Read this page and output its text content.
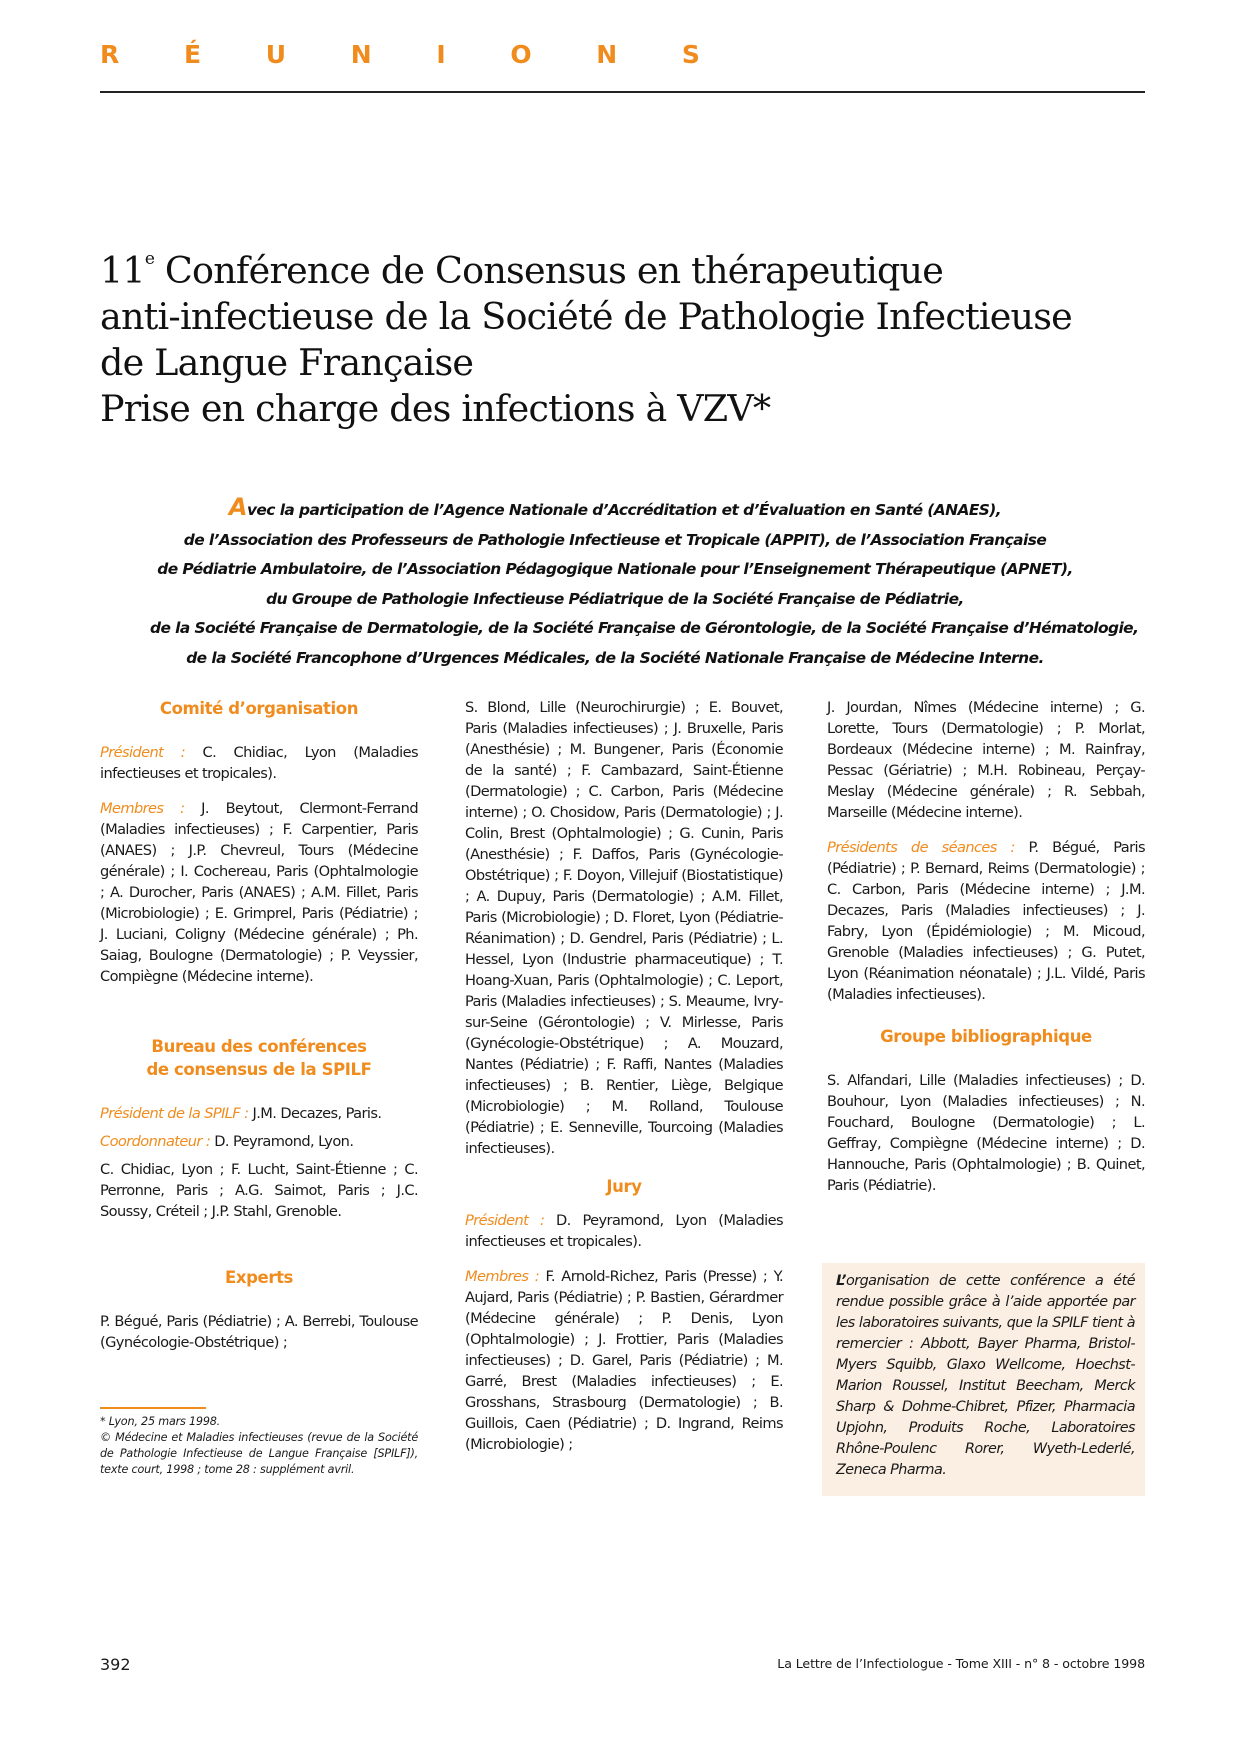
R	É	U	N	I	O	N	S
11e Conférence de Consensus en thérapeutique
anti-infectieuse de la Société de Pathologie Infectieuse
de Langue Française
Prise en charge des infections à VZV*
Avec la participation de l’Agence Nationale d’Accréditation et d’Évaluation en Santé (ANAES),
de l’Association des Professeurs de Pathologie Infectieuse et Tropicale (APPIT), de l’Association Française
de Pédiatrie Ambulatoire, de l’Association Pédagogique Nationale pour l’Enseignement Thérapeutique (APNET),
du Groupe de Pathologie Infectieuse Pédiatrique de la Société Française de Pédiatrie,
de la Société Française de Dermatologie, de la Société Française de Gérontologie, de la Société Française d’Hématologie,
de la Société Francophone d’Urgences Médicales, de la Société Nationale Française de Médecine Interne.
Comité d’organisation

Président : C. Chidiac, Lyon (Maladies infectieuses et tropicales).

Membres : J. Beytout, Clermont-Ferrand (Maladies infectieuses) ; F. Carpentier, Paris (ANAES) ; J.P. Chevreul, Tours (Médecine générale) ; I. Cochereau, Paris (Ophtalmologie ; A. Durocher, Paris (ANAES) ; A.M. Fillet, Paris (Microbiologie) ; E. Grimprel, Paris (Pédiatrie) ; J. Luciani, Coligny (Médecine générale) ; Ph. Saiag, Boulogne (Dermatologie) ; P. Veyssier, Compiègne (Médecine interne).

Bureau des conférences
de consensus de la SPILF

Président de la SPILF : J.M. Decazes, Paris.

Coordonnateur : D. Peyramond, Lyon.

C. Chidiac, Lyon ; F. Lucht, Saint-Étienne ; C. Perronne, Paris ; A.G. Saimot, Paris ; J.C. Soussy, Créteil ; J.P. Stahl, Grenoble.

Experts

P. Bégué, Paris (Pédiatrie) ; A. Berrebi, Toulouse (Gynécologie-Obstétrique) ;

* Lyon, 25 mars 1998.

© Médecine et Maladies infectieuses (revue de la Société de Pathologie Infectieuse de Langue Française [SPILF]), texte court, 1998 ; tome 28 : supplément avril.

S. Blond, Lille (Neurochirurgie) ; E. Bouvet, Paris (Maladies infectieuses) ; J. Bruxelle, Paris (Anesthésie) ; M. Bungener, Paris (Économie de la santé) ; F. Cambazard, Saint-Étienne (Dermatologie) ; C. Carbon, Paris (Médecine interne) ; O. Chosidow, Paris (Dermatologie) ; J. Colin, Brest (Ophtalmologie) ; G. Cunin, Paris (Anesthésie) ; F. Daffos, Paris (Gynécologie-Obstétrique) ; F. Doyon, Villejuif (Biostatistique) ; A. Dupuy, Paris (Dermatologie) ; A.M. Fillet, Paris (Microbiologie) ; D. Floret, Lyon (Pédiatrie-Réanimation) ; D. Gendrel, Paris (Pédiatrie) ; L. Hessel, Lyon (Industrie pharmaceutique) ; T. Hoang-Xuan, Paris (Ophtalmologie) ; C. Leport, Paris (Maladies infectieuses) ; S. Meaume, Ivry-sur-Seine (Gérontologie) ; V. Mirlesse, Paris (Gynécologie-Obstétrique) ; A. Mouzard, Nantes (Pédiatrie) ; F. Raffi, Nantes (Maladies infectieuses) ; B. Rentier, Liège, Belgique (Microbiologie) ; M. Rolland, Toulouse (Pédiatrie) ; E. Senneville, Tourcoing (Maladies infectieuses).

Jury

Président : D. Peyramond, Lyon (Maladies infectieuses et tropicales).

Membres : F. Arnold-Richez, Paris (Presse) ; Y. Aujard, Paris (Pédiatrie) ; P. Bastien, Gérardmer (Médecine générale) ; P. Denis, Lyon (Ophtalmologie) ; J. Frottier, Paris (Maladies infectieuses) ; D. Garel, Paris (Pédiatrie) ; M. Garré, Brest (Maladies infectieuses) ; E. Grosshans, Strasbourg (Dermatologie) ; B. Guillois, Caen (Pédiatrie) ; D. Ingrand, Reims (Microbiologie) ;

J. Jourdan, Nîmes (Médecine interne) ; G. Lorette, Tours (Dermatologie) ; P. Morlat, Bordeaux (Médecine interne) ; M. Rainfray, Pessac (Gériatrie) ; M.H. Robineau, Perçay-Meslay (Médecine générale) ; R. Sebbah, Marseille (Médecine interne).

Présidents de séances : P. Bégué, Paris (Pédiatrie) ; P. Bernard, Reims (Dermatologie) ; C. Carbon, Paris (Médecine interne) ; J.M. Decazes, Paris (Maladies infectieuses) ; J. Fabry, Lyon (Épidémiologie) ; M. Micoud, Grenoble (Maladies infectieuses) ; G. Putet, Lyon (Réanimation néonatale) ; J.L. Vildé, Paris (Maladies infectieuses).

Groupe bibliographique

S. Alfandari, Lille (Maladies infectieuses) ; D. Bouhour, Lyon (Maladies infectieuses) ; N. Fouchard, Boulogne (Dermatologie) ; L. Geffray, Compiègne (Médecine interne) ; D. Hannouche, Paris (Ophtalmologie) ; B. Quinet, Paris (Pédiatrie).

L’organisation de cette conférence a été rendue possible grâce à l’aide apportée par les laboratoires suivants, que la SPILF tient à remercier : Abbott, Bayer Pharma, Bristol-Myers Squibb, Glaxo Wellcome, Hoechst-Marion Roussel, Institut Beecham, Merck Sharp & Dohme-Chibret, Pfizer, Pharmacia Upjohn, Produits Roche, Laboratoires Rhône-Poulenc Rorer, Wyeth-Lederlé, Zeneca Pharma.
392	La Lettre de l’Infectiologue - Tome XIII - n° 8 - octobre 1998
